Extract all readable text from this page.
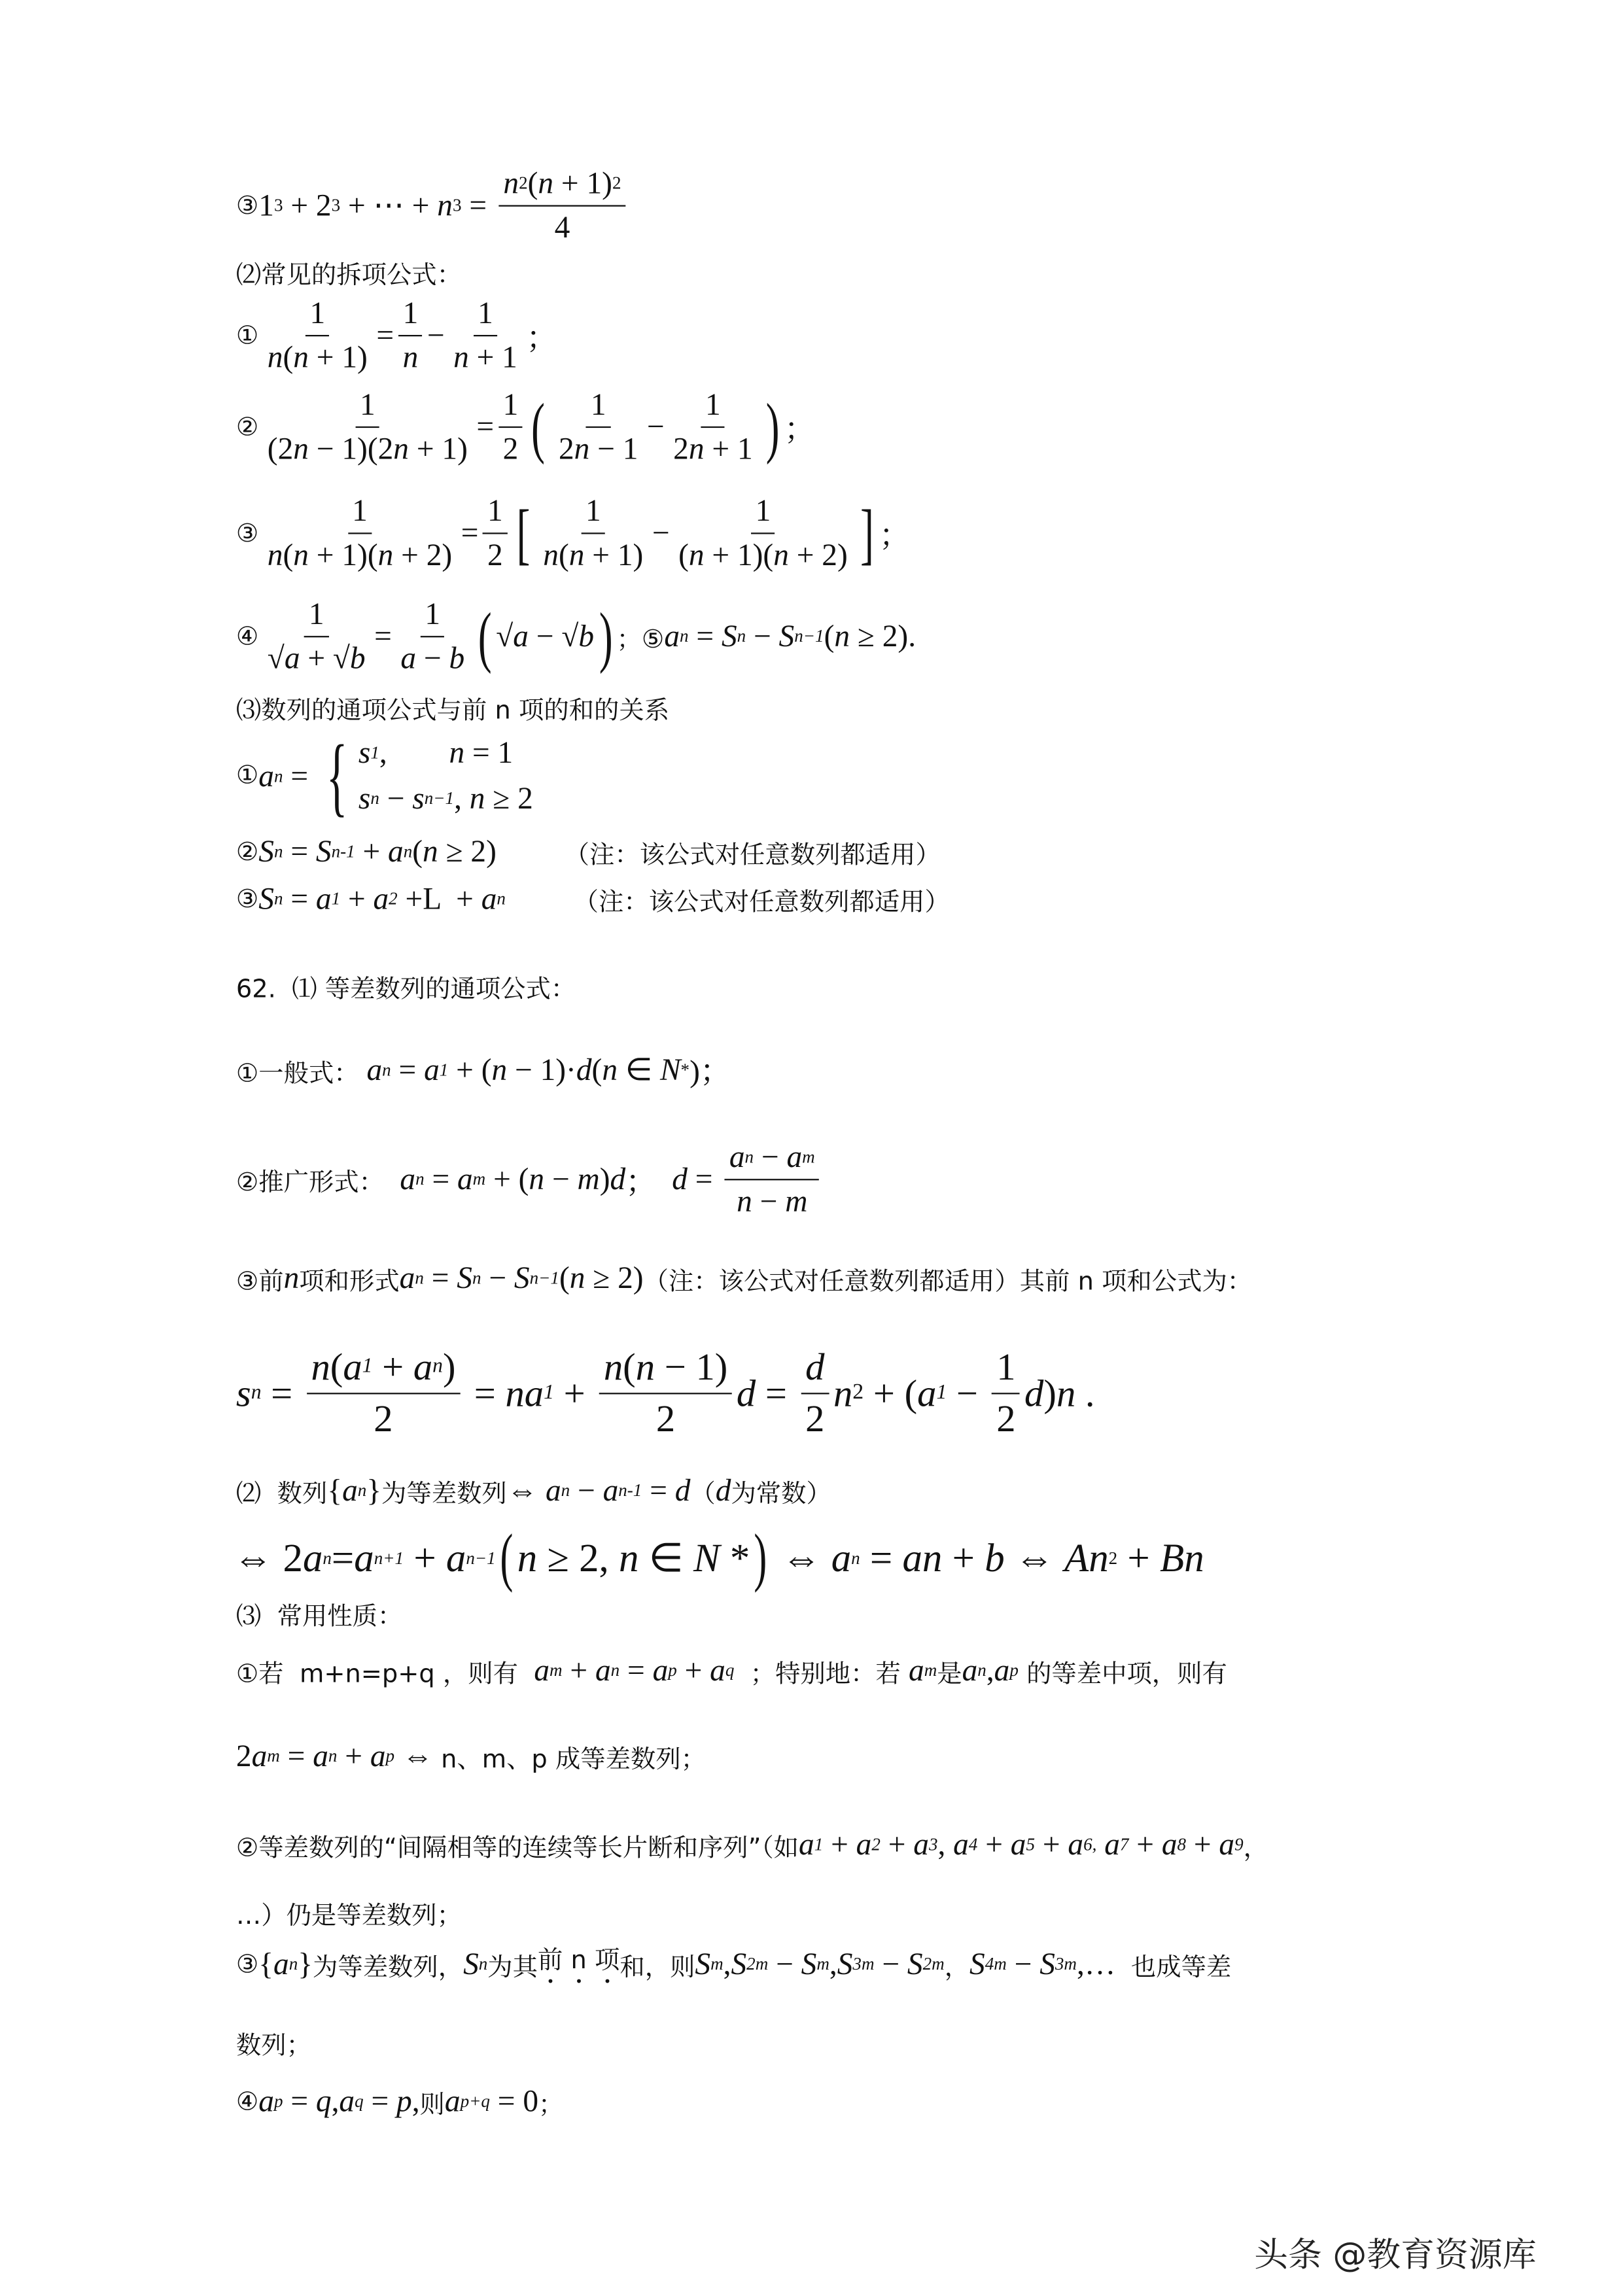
③ 1 3 + 2 3 + ⋯ + n $3 = \frac{n 2 ( n + 1) 2}{4}$
⑵常见的拆项公式：
① $\frac{1}{n ( n + 1)} = \frac{1}{n} - \frac{1}{n + 1}$ ；
② $\frac{1}{(2 n - 1)(2 n + 1)} = \frac{1}{2}$ ( $\frac{1}{2 n - 1} - \frac{1}{2 n + 1}$ ) ；
③ $\frac{1}{n ( n + 1)( n + 2)} = \frac{1}{2}$ [ $\frac{1}{n ( n + 1)} - \frac{1}{( n + 1)( n + 2)}$ ] ；
④ $\frac{1}{√ a + √ b} = \frac{1}{a - b}$ ( √ a − √ b ) ；⑤ a n = S n − S n−1 ( n ≥ 2).
⑶数列的通项公式与前 n 项的和的关系
① a n = { s 1 , n = 1
s n − s n−1 , n ≥ 2
② S n = S n-1 + a n ( n ≥ 2)	（注：该公式对任意数列都适用）
③ S n = a 1 + a 2 +L  + a n	（注：该公式对任意数列都适用）
62.  ⑴ 等差数列的通项公式：
①一般式： a n = a 1 + ( n − 1)· d ( n ∈ N * )；
②推广形式： a n = a m + ( n − m ) d ； $d = \frac{\text{a n − a m}}{n - m}$
③前 n 项和形式 a n = S n − S n−1 ( n ≥ 2) （注：该公式对任意数列都适用）其前 n 项和公式为：
s $n = \frac{\text{n ( a 1 + a n )}}{2}$ = na $1 + \frac{n ( n - 1)}{2}$ $d = \frac{d}{2}$ n 2 + ( a $1 - \frac{1}{2}$ d ) n .
⑵  数列 { a n } 为等差数列 ⇔ a n − a n-1 = d （ d 为常数）
⇔ 2 a n = a n+1 + a n−1 ( n ≥ 2, n ∈ N * ) ⇔ a n = an + b ⇔ An 2 + Bn
⑶  常用性质：
①若  m+n=p+q ，则有 a m + a n = a p + a q ；特别地：若 a m 是 a n , a p 的等差中项，则有
2 a m = a n + a p ⇔ n、m、p 成等差数列；
②等差数列的“间隔相等的连续等长片断和序列”（如 a 1 + a 2 + a 3 , a 4 + a 5 + a 6,
a 7 + a 8 + a 9 ，
…）仍是等差数列；
③ { a n } 为等差数列， S n 为其 前 n 项 和，则 S m , S 2m − S m , S 3m − S 2m ， S 4m − S 3m ,… 也成等差
数列；
④ a p = q , a q = p , 则 a p+q = 0 ；
头条 @教育资源库
